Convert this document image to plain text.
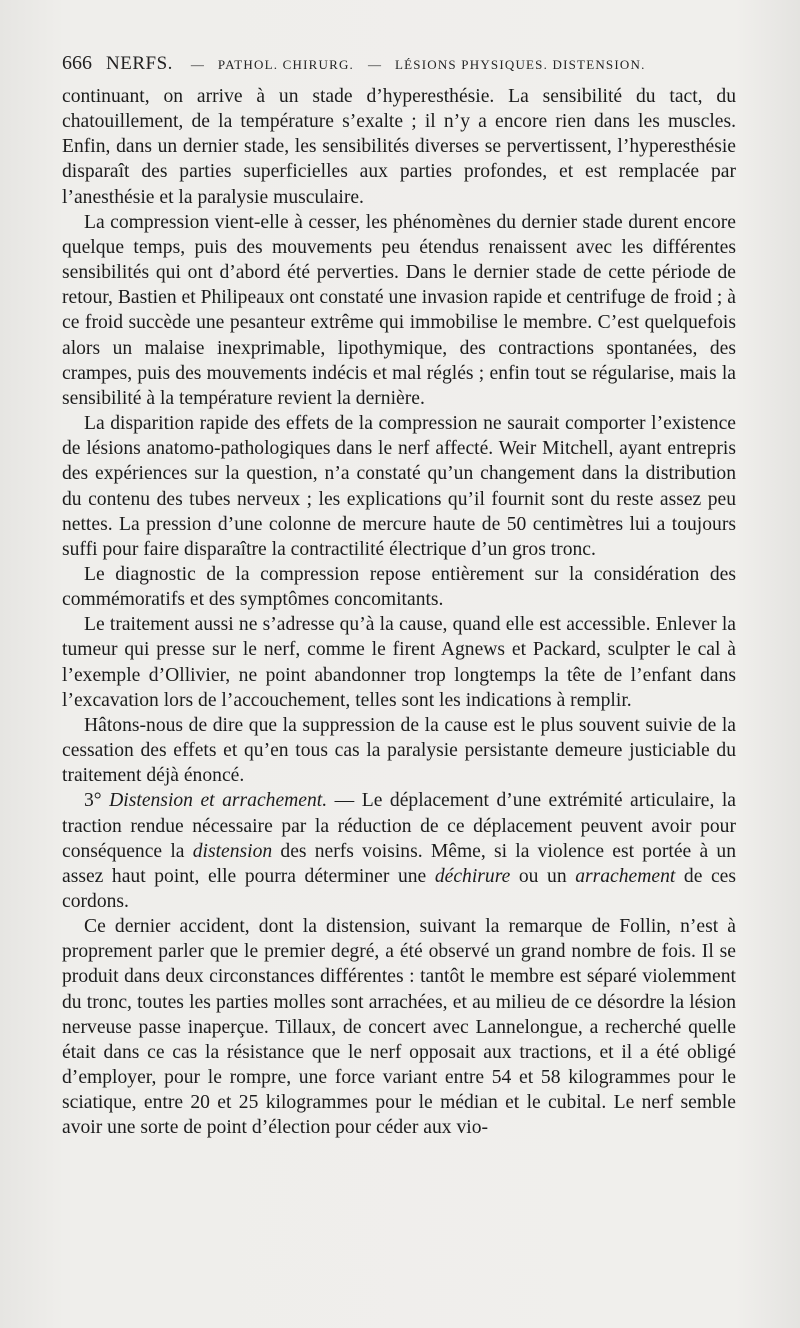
666 NERFS. — PATHOL. CHIRURG. — LÉSIONS PHYSIQUES. DISTENSION.

continuant, on arrive à un stade d’hyperesthésie. La sensibilité du tact, du chatouillement, de la température s’exalte ; il n’y a encore rien dans les muscles. Enfin, dans un dernier stade, les sensibilités diverses se pervertissent, l’hyperesthésie disparaît des parties superficielles aux parties profondes, et est remplacée par l’anesthésie et la paralysie musculaire.

La compression vient-elle à cesser, les phénomènes du dernier stade durent encore quelque temps, puis des mouvements peu étendus renaissent avec les différentes sensibilités qui ont d’abord été perverties. Dans le dernier stade de cette période de retour, Bastien et Philipeaux ont constaté une invasion rapide et centrifuge de froid ; à ce froid succède une pesanteur extrême qui immobilise le membre. C’est quelquefois alors un malaise inexprimable, lipothymique, des contractions spontanées, des crampes, puis des mouvements indécis et mal réglés ; enfin tout se régularise, mais la sensibilité à la température revient la dernière.

La disparition rapide des effets de la compression ne saurait comporter l’existence de lésions anatomo-pathologiques dans le nerf affecté. Weir Mitchell, ayant entrepris des expériences sur la question, n’a constaté qu’un changement dans la distribution du contenu des tubes nerveux ; les explications qu’il fournit sont du reste assez peu nettes. La pression d’une colonne de mercure haute de 50 centimètres lui a toujours suffi pour faire disparaître la contractilité électrique d’un gros tronc.

Le diagnostic de la compression repose entièrement sur la considération des commémoratifs et des symptômes concomitants.

Le traitement aussi ne s’adresse qu’à la cause, quand elle est accessible. Enlever la tumeur qui presse sur le nerf, comme le firent Agnews et Packard, sculpter le cal à l’exemple d’Ollivier, ne point abandonner trop longtemps la tête de l’enfant dans l’excavation lors de l’accouchement, telles sont les indications à remplir.

Hâtons-nous de dire que la suppression de la cause est le plus souvent suivie de la cessation des effets et qu’en tous cas la paralysie persistante demeure justiciable du traitement déjà énoncé.

3° Distension et arrachement. — Le déplacement d’une extrémité articulaire, la traction rendue nécessaire par la réduction de ce déplacement peuvent avoir pour conséquence la distension des nerfs voisins. Même, si la violence est portée à un assez haut point, elle pourra déterminer une déchirure ou un arrachement de ces cordons.

Ce dernier accident, dont la distension, suivant la remarque de Follin, n’est à proprement parler que le premier degré, a été observé un grand nombre de fois. Il se produit dans deux circonstances différentes : tantôt le membre est séparé violemment du tronc, toutes les parties molles sont arrachées, et au milieu de ce désordre la lésion nerveuse passe inaperçue. Tillaux, de concert avec Lannelongue, a recherché quelle était dans ce cas la résistance que le nerf opposait aux tractions, et il a été obligé d’employer, pour le rompre, une force variant entre 54 et 58 kilogrammes pour le sciatique, entre 20 et 25 kilogrammes pour le médian et le cubital. Le nerf semble avoir une sorte de point d’élection pour céder aux vio-
